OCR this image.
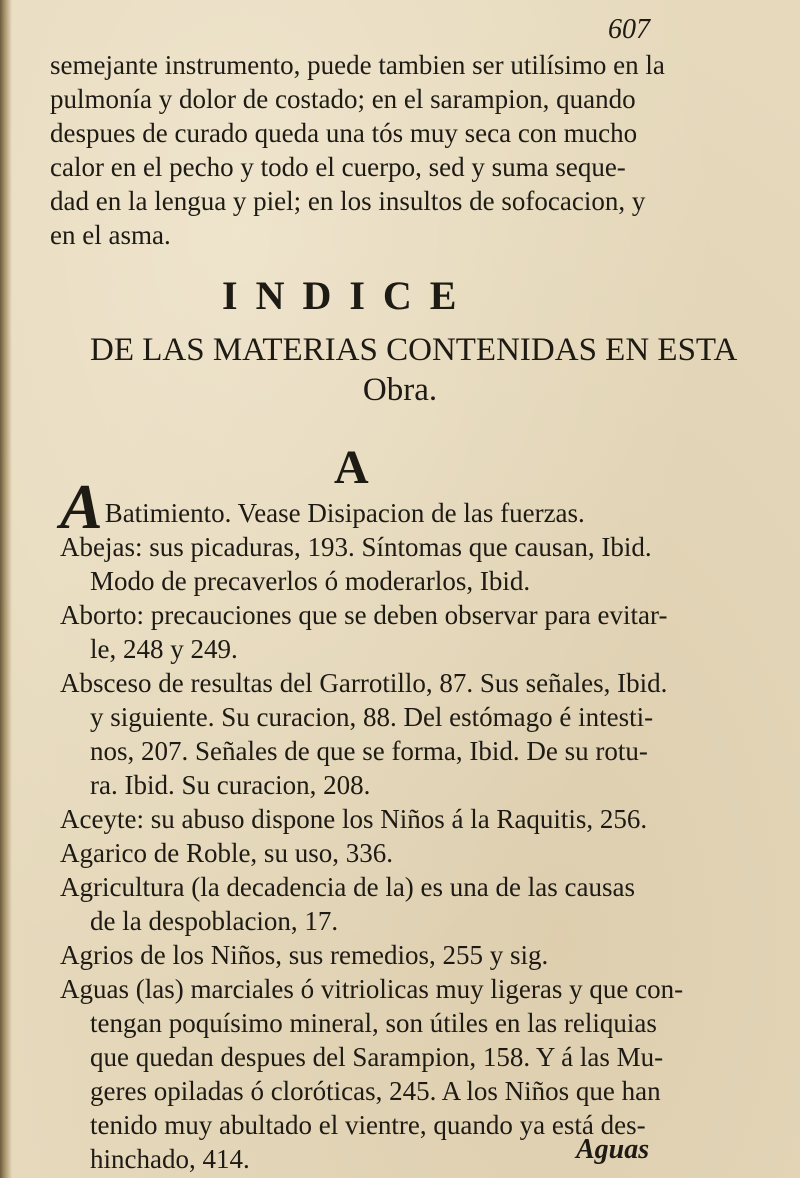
607
semejante instrumento, puede tambien ser utilísimo en la
pulmonía y dolor de costado; en el sarampion, quando
despues de curado queda una tós muy seca con mucho
calor en el pecho y todo el cuerpo, sed y suma seque-
dad en la lengua y piel; en los insultos de sofocacion, y
en el asma.
INDICE
DE LAS MATERIAS CONTENIDAS EN ESTA
Obra.
A
ABatimiento. Vease Disipacion de las fuerzas.
Abejas: sus picaduras, 193. Síntomas que causan, Ibid.
Modo de precaverlos ó moderarlos, Ibid.
Aborto: precauciones que se deben observar para evitar-
le, 248 y 249.
Absceso de resultas del Garrotillo, 87. Sus señales, Ibid.
y siguiente. Su curacion, 88. Del estómago é intesti-
nos, 207. Señales de que se forma, Ibid. De su rotu-
ra. Ibid. Su curacion, 208.
Aceyte: su abuso dispone los Niños á la Raquitis, 256.
Agarico de Roble, su uso, 336.
Agricultura (la decadencia de la) es una de las causas
de la despoblacion, 17.
Agrios de los Niños, sus remedios, 255 y sig.
Aguas (las) marciales ó vitriolicas muy ligeras y que con-
tengan poquísimo mineral, son útiles en las reliquias
que quedan despues del Sarampion, 158. Y á las Mu-
geres opiladas ó cloróticas, 245. A los Niños que han
tenido muy abultado el vientre, quando ya está des-
hinchado, 414.	Aguas
